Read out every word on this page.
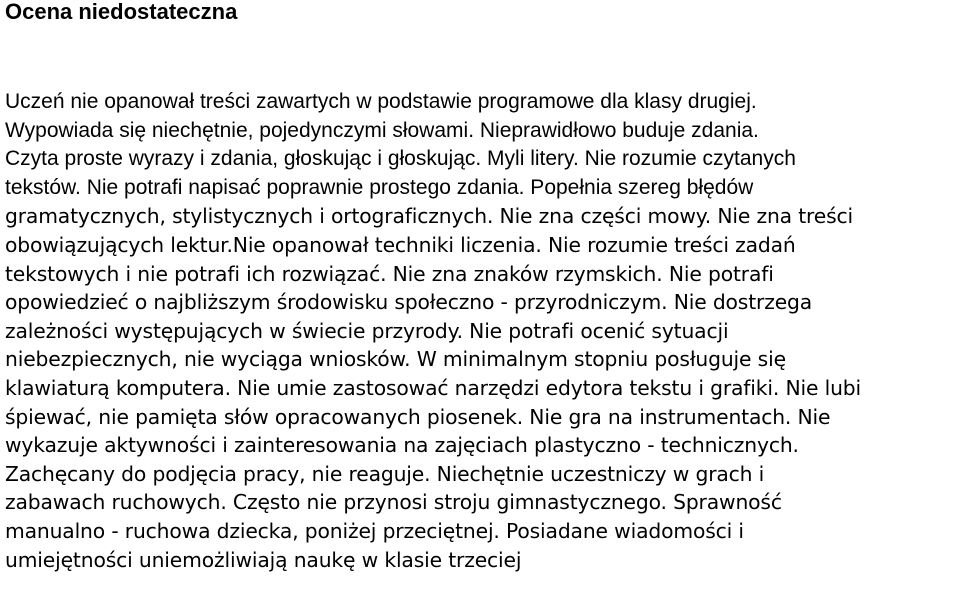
Ocena niedostateczna
Uczeń nie opanował treści zawartych w podstawie programowe dla klasy drugiej.
Wypowiada się niechętnie, pojedynczymi słowami. Nieprawidłowo buduje zdania.
Czyta proste wyrazy i zdania, głoskując i głoskując. Myli litery. Nie rozumie czytanych
tekstów. Nie potrafi napisać poprawnie prostego zdania. Popełnia szereg błędów
gramatycznych, stylistycznych i ortograficznych. Nie zna części mowy. Nie zna treści
obowiązujących lektur.Nie opanował techniki liczenia. Nie rozumie treści zadań
tekstowych i nie potrafi ich rozwiązać. Nie zna znaków rzymskich. Nie potrafi
opowiedzieć o najbliższym środowisku społeczno - przyrodniczym. Nie dostrzega
zależności występujących w świecie przyrody. Nie potrafi ocenić sytuacji
niebezpiecznych, nie wyciąga wniosków. W minimalnym stopniu posługuje się
klawiaturą komputera. Nie umie zastosować narzędzi edytora tekstu i grafiki. Nie lubi
śpiewać, nie pamięta słów opracowanych piosenek. Nie gra na instrumentach. Nie
wykazuje aktywności i zainteresowania na zajęciach plastyczno - technicznych.
Zachęcany do podjęcia pracy, nie reaguje. Niechętnie uczestniczy w grach i
zabawach ruchowych. Często nie przynosi stroju gimnastycznego. Sprawność
manualno - ruchowa dziecka, poniżej przeciętnej. Posiadane wiadomości i
umiejętności uniemożliwiają naukę w klasie trzeciej
